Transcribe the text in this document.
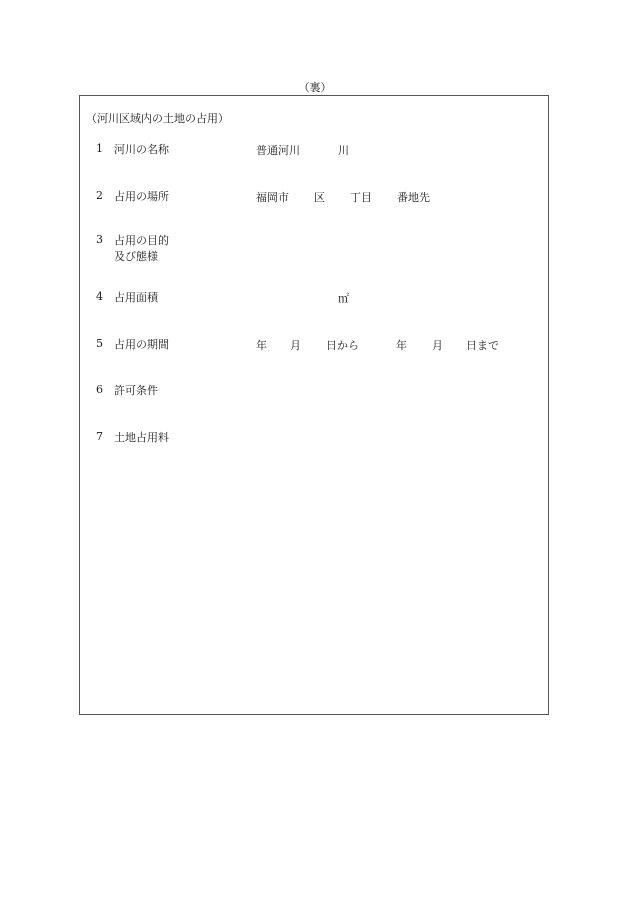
（裏）
（河川区域内の土地の占用）
1 河川の名称	普通河川	川
2 占用の場所	福岡市 区 丁目 番地先
3 占用の目的
及び態様
4 占用面積	㎡
5 占用の期間	年 月 日から	年 月 日まで
6 許可条件
7 土地占用料
